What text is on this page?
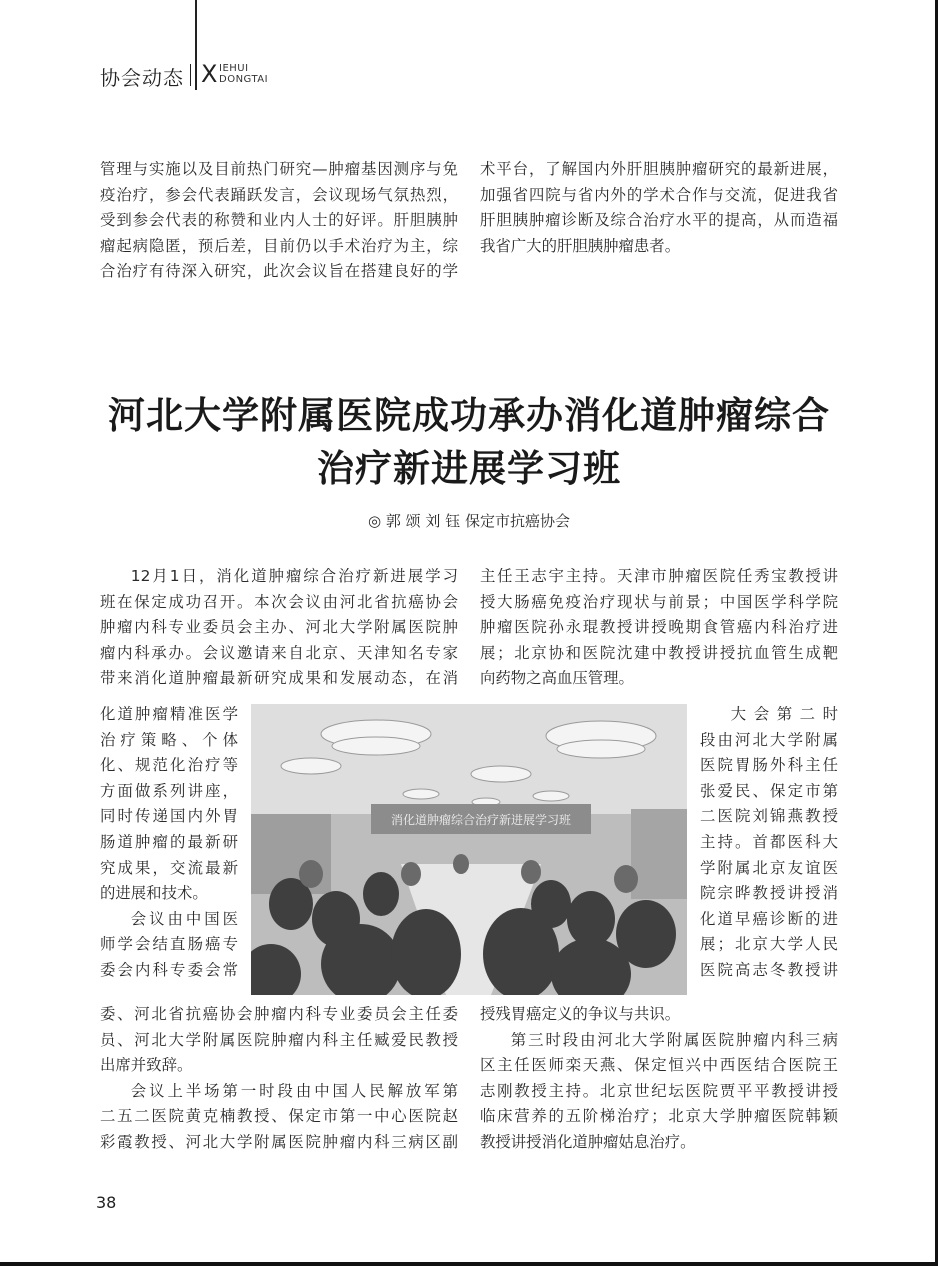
协会动态 X IEHUI
DONGTAI

管理与实施以及目前热门研究—肿瘤基因测序与免

疫治疗，参会代表踊跃发言，会议现场气氛热烈，

受到参会代表的称赞和业内人士的好评。肝胆胰肿

瘤起病隐匿，预后差，目前仍以手术治疗为主，综

合治疗有待深入研究，此次会议旨在搭建良好的学

术平台，了解国内外肝胆胰肿瘤研究的最新进展，

加强省四院与省内外的学术合作与交流，促进我省

肝胆胰肿瘤诊断及综合治疗水平的提高，从而造福

我省广大的肝胆胰肿瘤患者。

河北大学附属医院成功承办消化道肿瘤综合
治疗新进展学习班
◎ 郭 颂 刘 钰 保定市抗癌协会

12月1日，消化道肿瘤综合治疗新进展学习

班在保定成功召开。本次会议由河北省抗癌协会

肿瘤内科专业委员会主办、河北大学附属医院肿

瘤内科承办。会议邀请来自北京、天津知名专家

带来消化道肿瘤最新研究成果和发展动态，在消

化道肿瘤精准医学

治 疗 策 略 、 个 体

化、规范化治疗等

方面做系列讲座，

同时传递国内外胃

肠道肿瘤的最新研

究成果，交流最新

的进展和技术。

会议由中国医

师学会结直肠癌专

委会内科专委会常

委、河北省抗癌协会肿瘤内科专业委员会主任委

员、河北大学附属医院肿瘤内科主任臧爱民教授

出席并致辞。

会议上半场第一时段由中国人民解放军第

二五二医院黄克楠教授、保定市第一中心医院赵

彩霞教授、河北大学附属医院肿瘤内科三病区副

主任王志宇主持。天津市肿瘤医院任秀宝教授讲

授大肠癌免疫治疗现状与前景；中国医学科学院

肿瘤医院孙永琨教授讲授晚期食管癌内科治疗进

展；北京协和医院沈建中教授讲授抗血管生成靶

向药物之高血压管理。

大 会 第 二 时

段由河北大学附属

医院胃肠外科主任

张爱民、保定市第

二医院刘锦燕教授

主持。首都医科大

学附属北京友谊医

院宗晔教授讲授消

化道早癌诊断的进

展；北京大学人民

医院高志冬教授讲

授残胃癌定义的争议与共识。

第三时段由河北大学附属医院肿瘤内科三病

区主任医师栾天燕、保定恒兴中西医结合医院王

志刚教授主持。北京世纪坛医院贾平平教授讲授

临床营养的五阶梯治疗；北京大学肿瘤医院韩颖

教授讲授消化道肿瘤姑息治疗。

消化道肿瘤综合治疗新进展学习班
38
